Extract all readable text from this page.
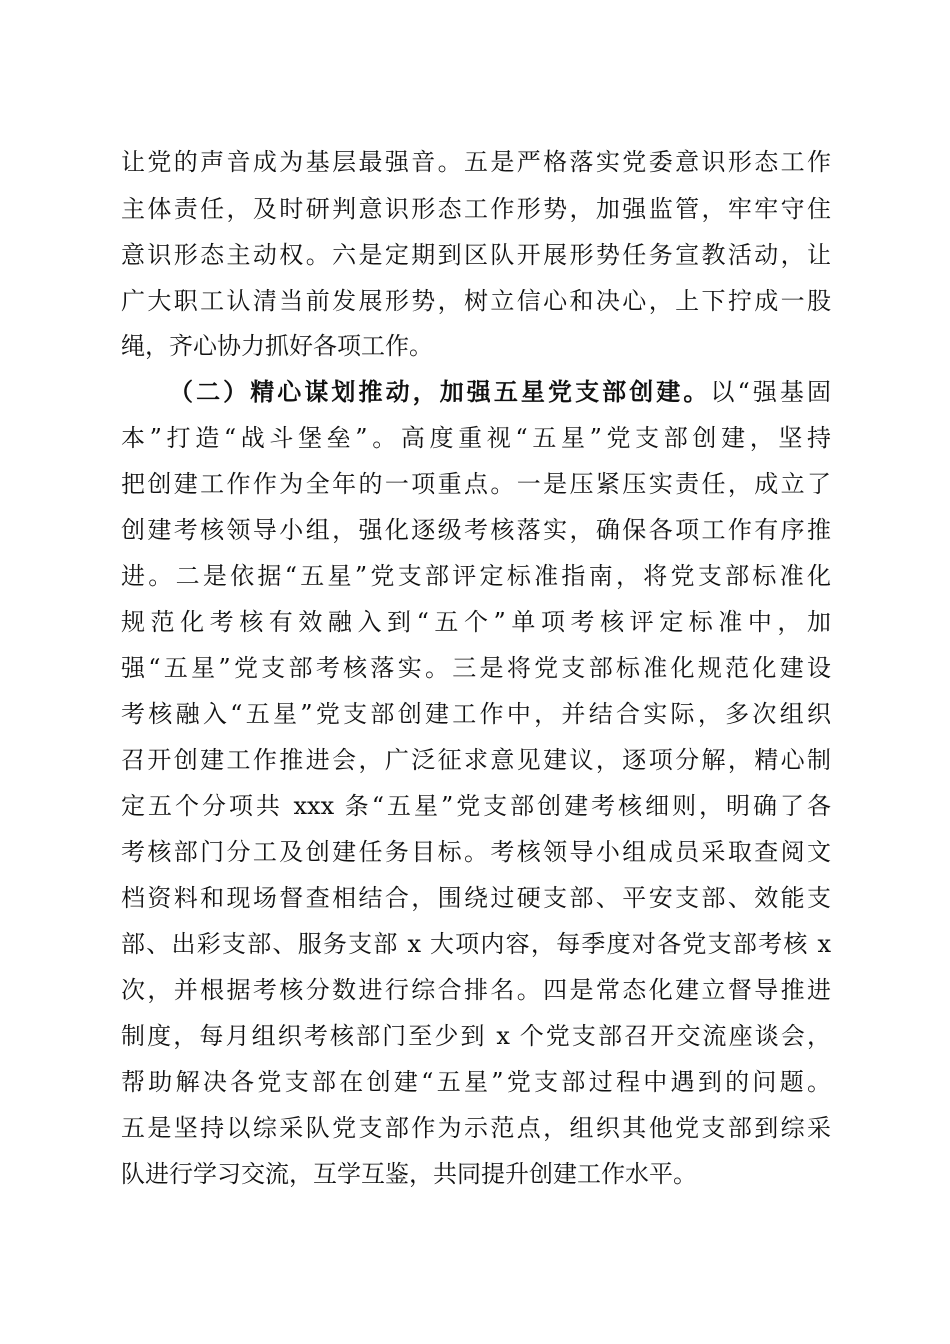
让党的声音成为基层最强音。五是严格落实党委意识形态工作
主体责任，及时研判意识形态工作形势，加强监管，牢牢守住
意识形态主动权。六是定期到区队开展形势任务宣教活动，让
广大职工认清当前发展形势，树立信心和决心，上下拧成一股
绳，齐心协力抓好各项工作。
（二）精心谋划推动，加强五星党支部创建。以“强基固
本”打造“战斗堡垒”。高度重视“五星”党支部创建，坚持
把创建工作作为全年的一项重点。一是压紧压实责任，成立了
创建考核领导小组，强化逐级考核落实，确保各项工作有序推
进。二是依据“五星”党支部评定标准指南，将党支部标准化
规范化考核有效融入到“五个”单项考核评定标准中，加
强“五星”党支部考核落实。三是将党支部标准化规范化建设
考核融入“五星”党支部创建工作中，并结合实际，多次组织
召开创建工作推进会，广泛征求意见建议，逐项分解，精心制
定五个分项共 xxx 条“五星”党支部创建考核细则，明确了各
考核部门分工及创建任务目标。考核领导小组成员采取查阅文
档资料和现场督查相结合，围绕过硬支部、平安支部、效能支
部、出彩支部、服务支部 x 大项内容，每季度对各党支部考核 x
次，并根据考核分数进行综合排名。四是常态化建立督导推进
制度，每月组织考核部门至少到 x 个党支部召开交流座谈会，
帮助解决各党支部在创建“五星”党支部过程中遇到的问题。
五是坚持以综采队党支部作为示范点，组织其他党支部到综采
队进行学习交流，互学互鉴，共同提升创建工作水平。
